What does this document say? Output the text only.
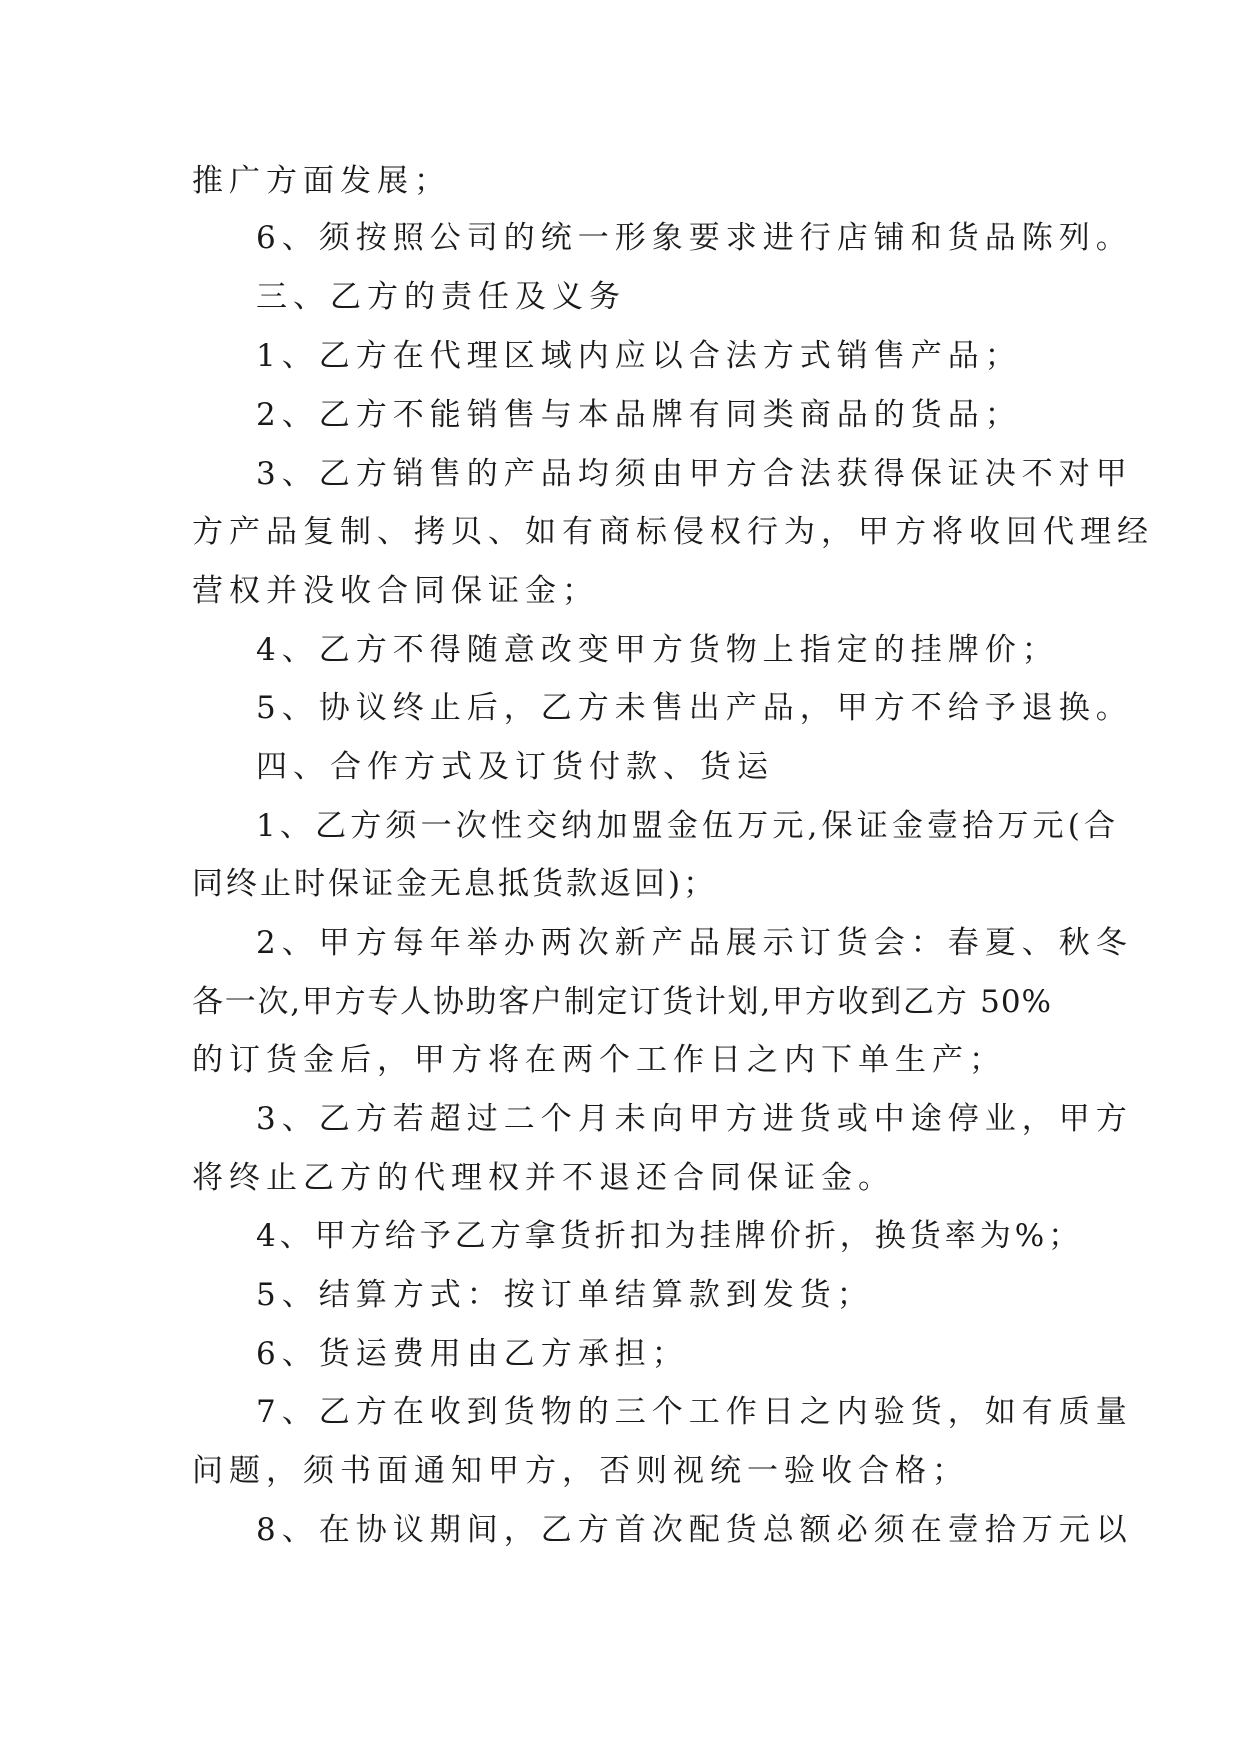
推广方面发展；
6、须按照公司的统一形象要求进行店铺和货品陈列。
三、乙方的责任及义务
1、乙方在代理区域内应以合法方式销售产品；
2、乙方不能销售与本品牌有同类商品的货品；
3、乙方销售的产品均须由甲方合法获得保证决不对甲
方产品复制、拷贝、如有商标侵权行为，甲方将收回代理经
营权并没收合同保证金；
4、乙方不得随意改变甲方货物上指定的挂牌价；
5、协议终止后，乙方未售出产品，甲方不给予退换。
四、合作方式及订货付款、货运
1、乙方须一次性交纳加盟金伍万元,保证金壹拾万元(合
同终止时保证金无息抵货款返回)；
2、甲方每年举办两次新产品展示订货会：春夏、秋冬
各一次,甲方专人协助客户制定订货计划,甲方收到乙方 50%
的订货金后，甲方将在两个工作日之内下单生产；
3、乙方若超过二个月未向甲方进货或中途停业，甲方
将终止乙方的代理权并不退还合同保证金。
4、甲方给予乙方拿货折扣为挂牌价折，换货率为%；
5、结算方式：按订单结算款到发货；
6、货运费用由乙方承担；
7、乙方在收到货物的三个工作日之内验货，如有质量
问题，须书面通知甲方，否则视统一验收合格；
8、在协议期间，乙方首次配货总额必须在壹拾万元以
